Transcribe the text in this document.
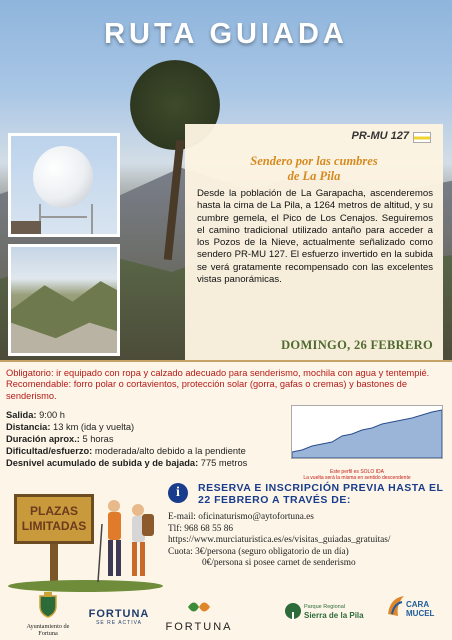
RUTA GUIADA
PR-MU 127
Sendero por las cumbres
de La Pila
Desde la población de La Garapacha, ascenderemos hasta la cima de La Pila, a 1264 metros de altitud, y su cumbre gemela, el Pico de Los Cenajos. Seguiremos el camino tradicional utilizado antaño para acceder a los Pozos de la Nieve, actualmente señalizado como sendero PR-MU 127. El esfuerzo invertido en la subida se verá gratamente recompensado con las excelentes vistas panorámicas.
DOMINGO, 26 FEBRERO
Obligatorio: ir equipado con ropa y calzado adecuado para senderismo, mochila con agua y tentempié. Recomendable: forro polar o cortavientos, protección solar (gorra, gafas o cremas) y bastones de senderismo.
Salida: 9:00 h
Distancia: 13 km (ida y vuelta)
Duración aprox.: 5 horas
Dificultad/esfuerzo: moderada/alto debido a la pendiente
Desnivel acumulado de subida y de bajada: 775 metros
Este perfil es SOLO IDA
La vuelta será la misma en sentido descendente
PLAZAS
LIMITADAS
i	RESERVA E INSCRIPCIÓN PREVIA HASTA EL
22 FEBRERO A TRAVÉS DE:
E-mail: oficinaturismo@aytofortuna.es
Tlf: 968 68 55 86
https://www.murciaturistica.es/es/visitas_guiadas_gratuitas/
Cuota: 3€/persona (seguro obligatorio de un día)
0€/persona si posee carnet de senderismo
Ayuntamiento de
Fortuna
FORTUNA
SE RE ACTIVA	FORTUNA
Parque Regional
Sierra de la Pila
CARA MUCEL
